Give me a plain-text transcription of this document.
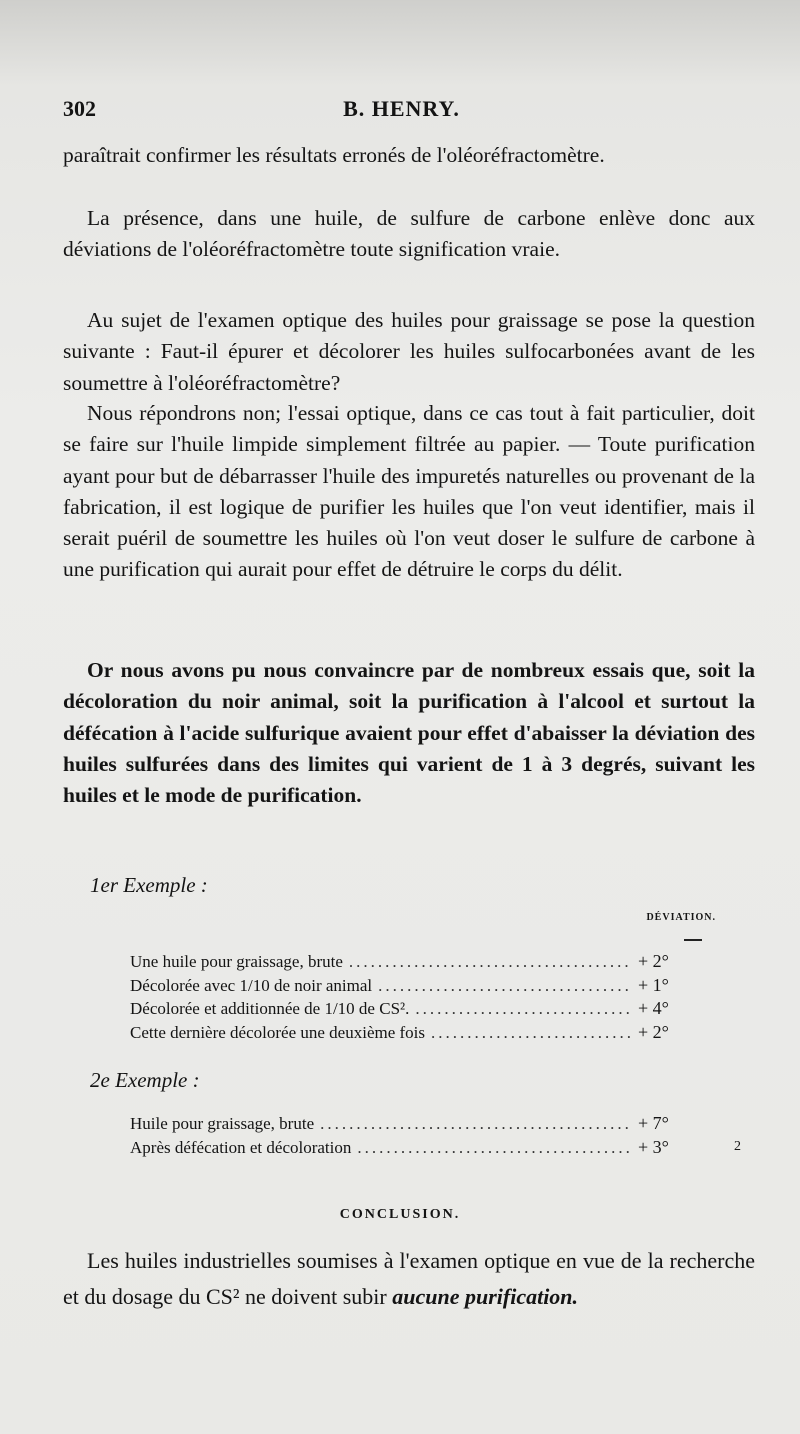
302	B. HENRY.

paraîtrait confirmer les résultats erronés de l'oléoréfractomètre.

La présence, dans une huile, de sulfure de carbone enlève donc aux déviations de l'oléoréfractomètre toute signification vraie.

Au sujet de l'examen optique des huiles pour graissage se pose la question suivante : Faut-il épurer et décolorer les huiles sulfocarbonées avant de les soumettre à l'oléoréfractomètre?

Nous répondrons non; l'essai optique, dans ce cas tout à fait particulier, doit se faire sur l'huile limpide simplement filtrée au papier. — Toute purification ayant pour but de débarrasser l'huile des impuretés naturelles ou provenant de la fabrication, il est logique de purifier les huiles que l'on veut identifier, mais il serait puéril de soumettre les huiles où l'on veut doser le sulfure de carbone à une purification qui aurait pour effet de détruire le corps du délit.

Or nous avons pu nous convaincre par de nombreux essais que, soit la décoloration du noir animal, soit la purification à l'alcool et surtout la défécation à l'acide sulfurique avaient pour effet d'abaisser la déviation des huiles sulfurées dans des limites qui varient de 1 à 3 degrés, suivant les huiles et le mode de purification.

1er Exemple :
DÉVIATION.
Une huile pour graissage, brute .....	+ 2°
Décolorée avec 1/10 de noir animal .....	+ 1°
Décolorée et additionnée de 1/10 de CS². .....	+ 4°
Cette dernière décolorée une deuxième fois .....	+ 2°
2e Exemple :
Huile pour graissage, brute .....	+ 7°
Après défécation et décoloration .....	+ 3°	2
CONCLUSION.
Les huiles industrielles soumises à l'examen optique en vue de la recherche et du dosage du CS² ne doivent subir aucune purification.
